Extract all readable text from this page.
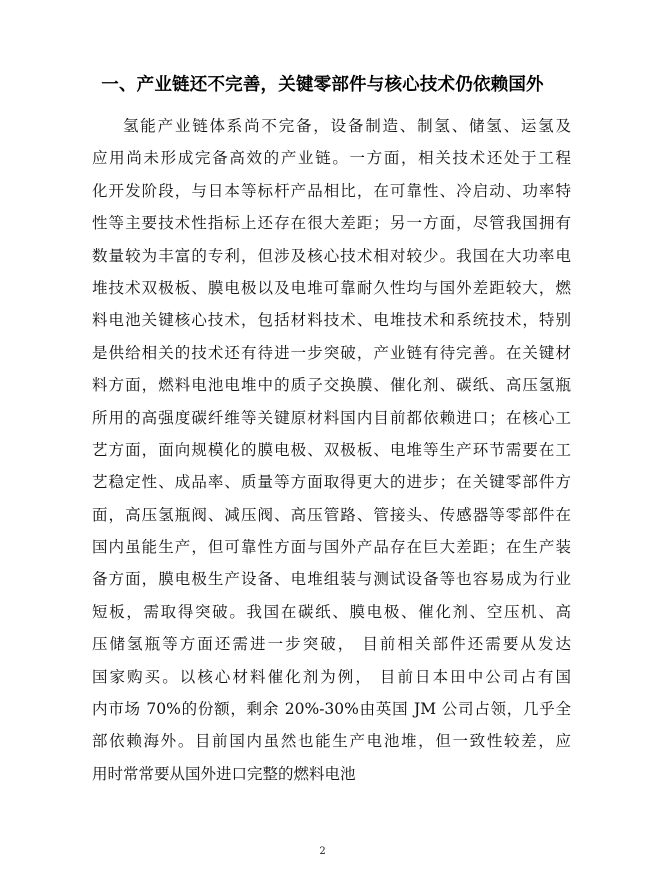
一、产业链还不完善，关键零部件与核心技术仍依赖国外
氢能产业链体系尚不完备，设备制造、制氢、储氢、运氢及
应用尚未形成完备高效的产业链。一方面，相关技术还处于工程
化开发阶段，与日本等标杆产品相比，在可靠性、冷启动、功率特
性等主要技术性指标上还存在很大差距；另一方面，尽管我国拥有
数量较为丰富的专利，但涉及核心技术相对较少。我国在大功率电
堆技术双极板、膜电极以及电堆可靠耐久性均与国外差距较大，燃
料电池关键核心技术，包括材料技术、电堆技术和系统技术，特别
是供给相关的技术还有待进一步突破，产业链有待完善。在关键材
料方面，燃料电池电堆中的质子交换膜、催化剂、碳纸、高压氢瓶
所用的高强度碳纤维等关键原材料国内目前都依赖进口；在核心工
艺方面，面向规模化的膜电极、双极板、电堆等生产环节需要在工
艺稳定性、成品率、质量等方面取得更大的进步；在关键零部件方
面，高压氢瓶阀、减压阀、高压管路、管接头、传感器等零部件在
国内虽能生产，但可靠性方面与国外产品存在巨大差距；在生产装
备方面，膜电极生产设备、电堆组装与测试设备等也容易成为行业
短板，需取得突破。我国在碳纸、膜电极、催化剂、空压机、高
压储氢瓶等方面还需进一步突破， 目前相关部件还需要从发达
国家购买。以核心材料催化剂为例， 目前日本田中公司占有国
内市场 70%的份额，剩余 20%-30%由英国 JM 公司占领，几乎全
部依赖海外。目前国内虽然也能生产电池堆，但一致性较差，应
用时常常要从国外进口完整的燃料电池
2
